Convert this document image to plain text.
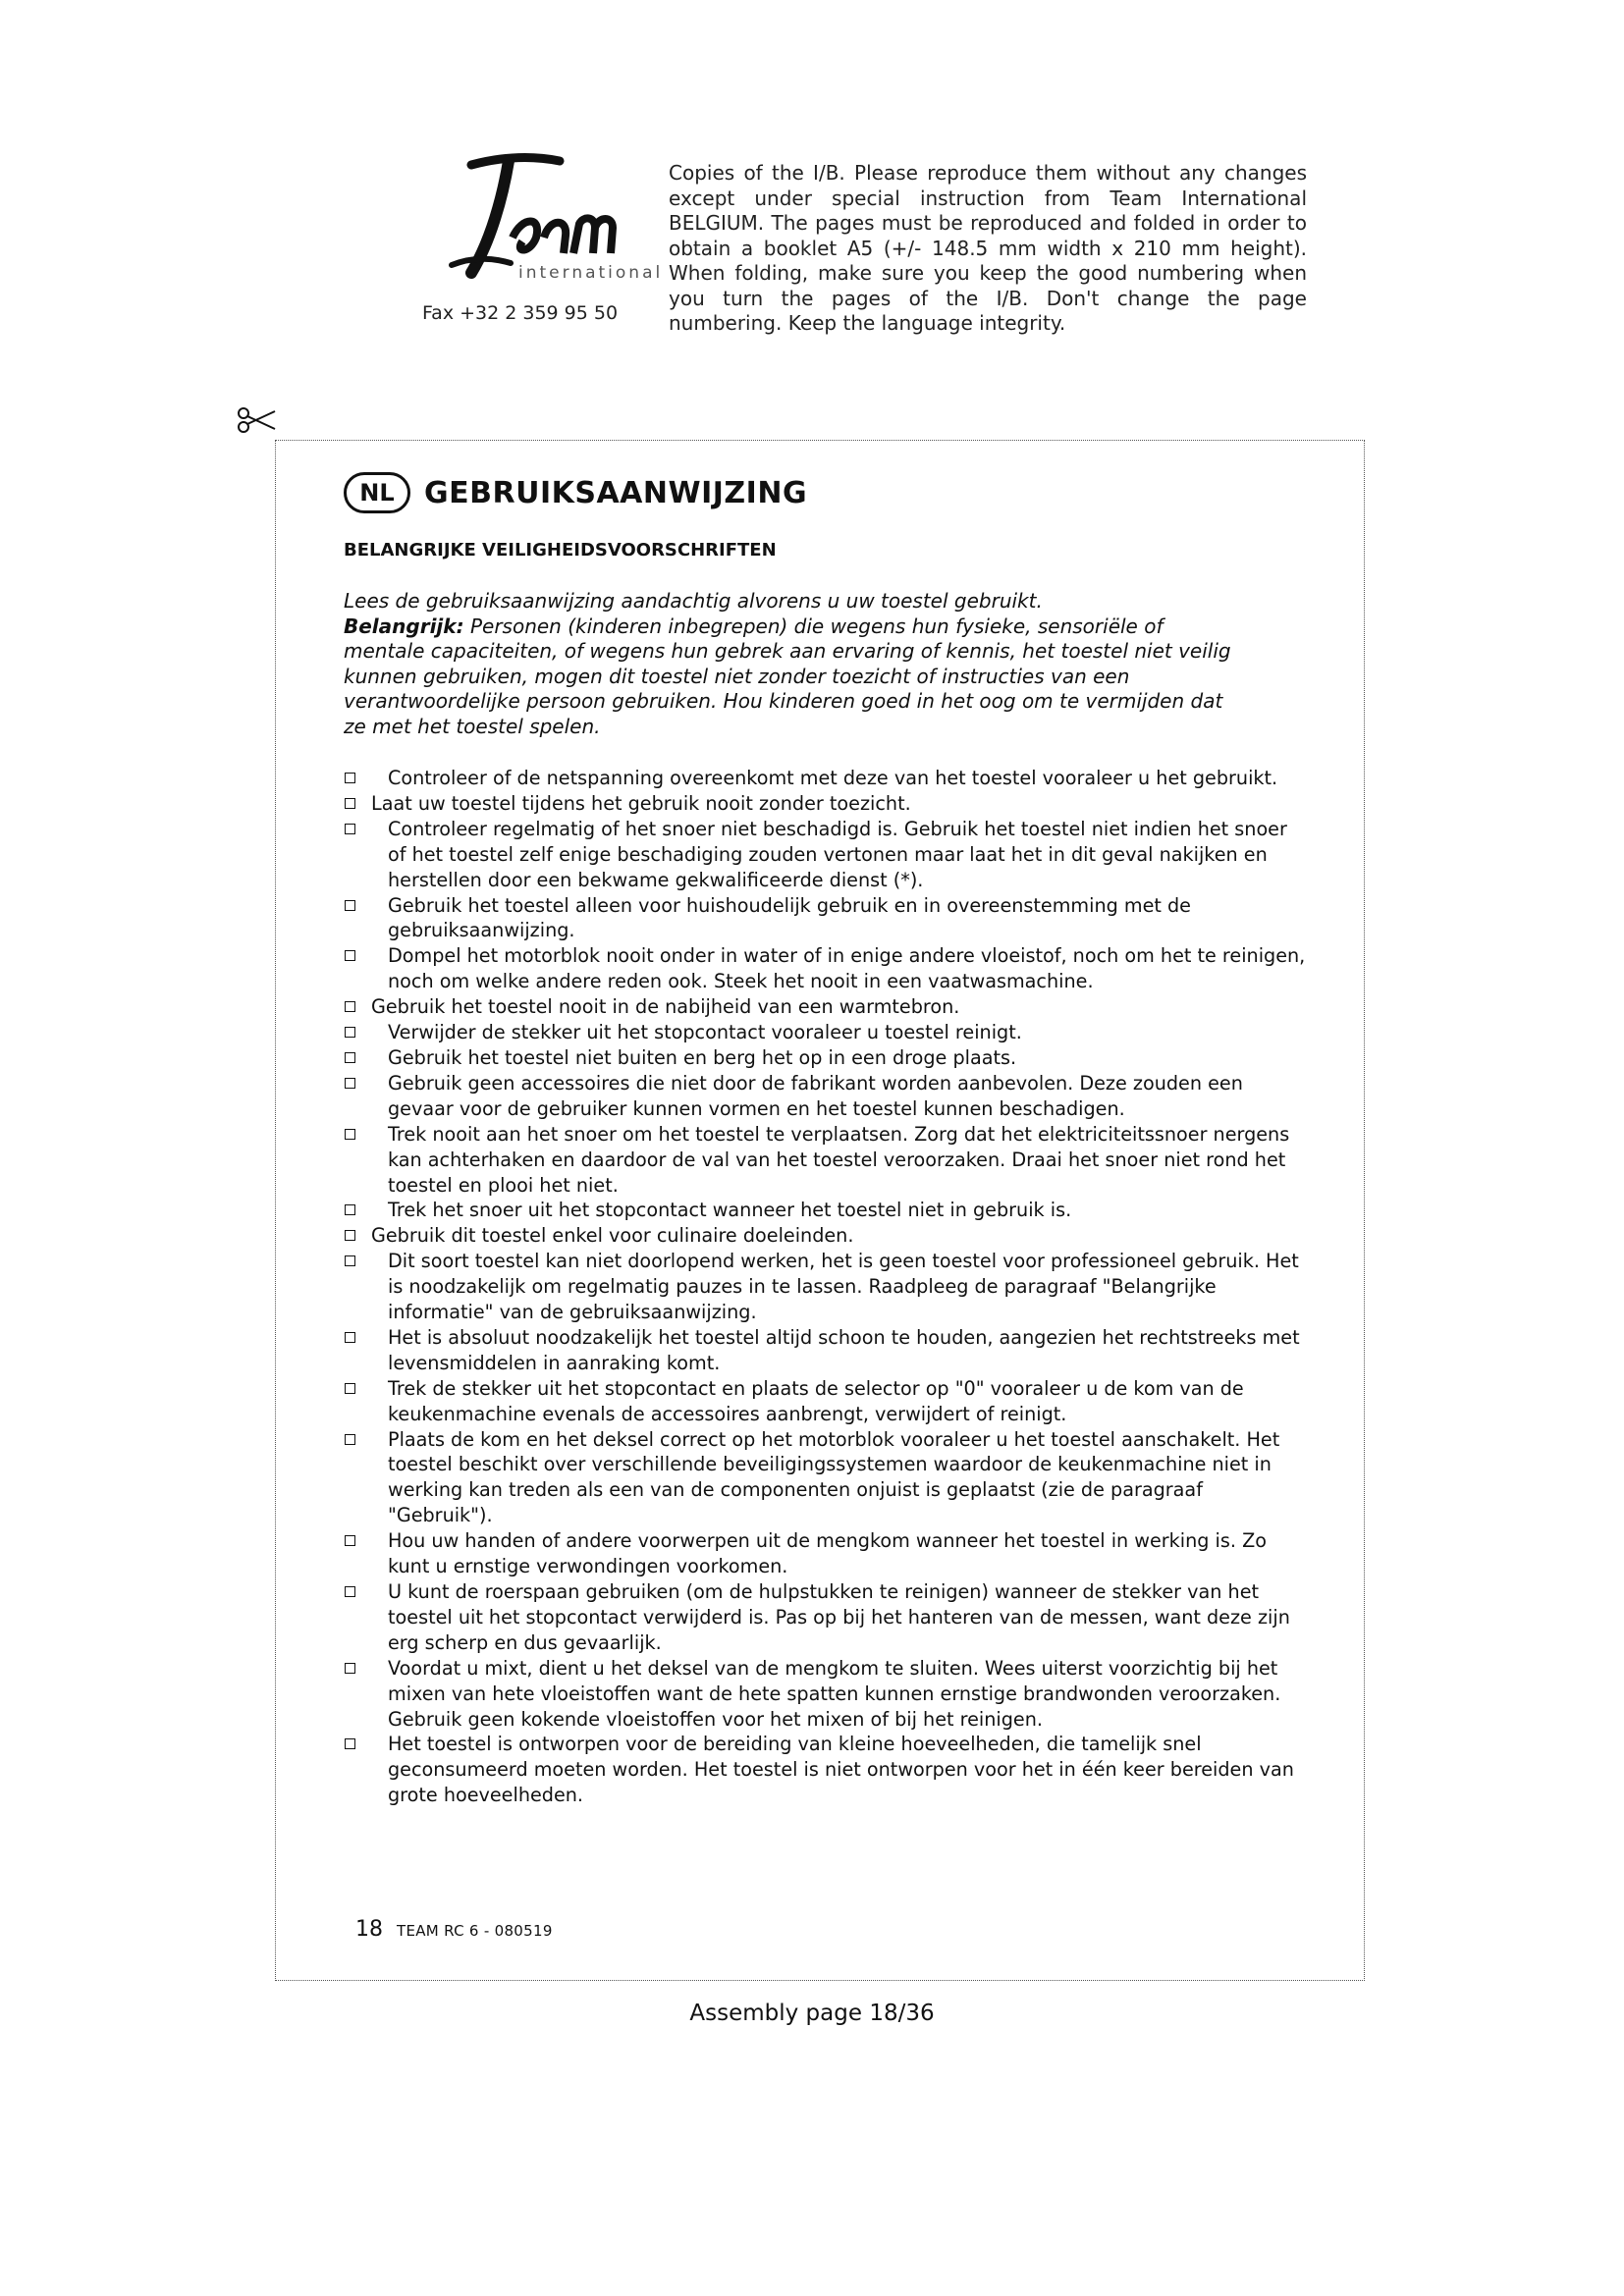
international
Fax +32 2 359 95 50
Copies of the I/B. Please reproduce them without any changes except under special instruction from Team International BELGIUM. The pages must be reproduced and folded in order to obtain a booklet A5 (+/- 148.5 mm width x 210 mm height). When folding, make sure you keep the good numbering when you turn the pages of the I/B. Don't change the page numbering. Keep the language integrity.
NL	GEBRUIKSAANWIJZING
BELANGRIJKE VEILIGHEIDSVOORSCHRIFTEN
Lees de gebruiksaanwijzing aandachtig alvorens u uw toestel gebruikt.
Belangrijk: Personen (kinderen inbegrepen) die wegens hun fysieke, sensoriële of mentale capaciteiten, of wegens hun gebrek aan ervaring of kennis, het toestel niet veilig kunnen gebruiken, mogen dit toestel niet zonder toezicht of instructies van een verantwoordelijke persoon gebruiken. Hou kinderen goed in het oog om te vermijden dat ze met het toestel spelen.
Controleer of de netspanning overeenkomt met deze van het toestel vooraleer u het gebruikt.
Laat uw toestel tijdens het gebruik nooit zonder toezicht.
Controleer regelmatig of het snoer niet beschadigd is. Gebruik het toestel niet indien het snoer of het toestel zelf enige beschadiging zouden vertonen maar laat het in dit geval nakijken en herstellen door een bekwame gekwalificeerde dienst (*).
Gebruik het toestel alleen voor huishoudelijk gebruik en in overeenstemming met de gebruiksaanwijzing.
Dompel het motorblok nooit onder in water of in enige andere vloeistof, noch om het te reinigen, noch om welke andere reden ook. Steek het nooit in een vaatwasmachine.
Gebruik het toestel nooit in de nabijheid van een warmtebron.
Verwijder de stekker uit het stopcontact vooraleer u toestel reinigt.
Gebruik het toestel niet buiten en berg het op in een droge plaats.
Gebruik geen accessoires die niet door de fabrikant worden aanbevolen. Deze zouden een gevaar voor de gebruiker kunnen vormen en het toestel kunnen beschadigen.
Trek nooit aan het snoer om het toestel te verplaatsen. Zorg dat het elektriciteitssnoer nergens kan achterhaken en daardoor de val van het toestel veroorzaken. Draai het snoer niet rond het toestel en plooi het niet.
Trek het snoer uit het stopcontact wanneer het toestel niet in gebruik is.
Gebruik dit toestel enkel voor culinaire doeleinden.
Dit soort toestel kan niet doorlopend werken, het is geen toestel voor professioneel gebruik. Het is noodzakelijk om regelmatig pauzes in te lassen. Raadpleeg de paragraaf "Belangrijke informatie" van de gebruiksaanwijzing.
Het is absoluut noodzakelijk het toestel altijd schoon te houden, aangezien het rechtstreeks met levensmiddelen in aanraking komt.
Trek de stekker uit het stopcontact en plaats de selector op "0" vooraleer u de kom van de keukenmachine evenals de accessoires aanbrengt, verwijdert of reinigt.
Plaats de kom en het deksel correct op het motorblok vooraleer u het toestel aanschakelt. Het toestel beschikt over verschillende beveiligingssystemen waardoor de keukenmachine niet in werking kan treden als een van de componenten onjuist is geplaatst (zie de paragraaf "Gebruik").
Hou uw handen of andere voorwerpen uit de mengkom wanneer het toestel in werking is. Zo kunt u ernstige verwondingen voorkomen.
U kunt de roerspaan gebruiken (om de hulpstukken te reinigen) wanneer de stekker van het toestel uit het stopcontact verwijderd is. Pas op bij het hanteren van de messen, want deze zijn erg scherp en dus gevaarlijk.
Voordat u mixt, dient u het deksel van de mengkom te sluiten. Wees uiterst voorzichtig bij het mixen van hete vloeistoffen want de hete spatten kunnen ernstige brandwonden veroorzaken. Gebruik geen kokende vloeistoffen voor het mixen of bij het reinigen.
Het toestel is ontworpen voor de bereiding van kleine hoeveelheden, die tamelijk snel geconsumeerd moeten worden. Het toestel is niet ontworpen voor het in één keer bereiden van grote hoeveelheden.
18 TEAM RC 6 - 080519
Assembly page 18/36
